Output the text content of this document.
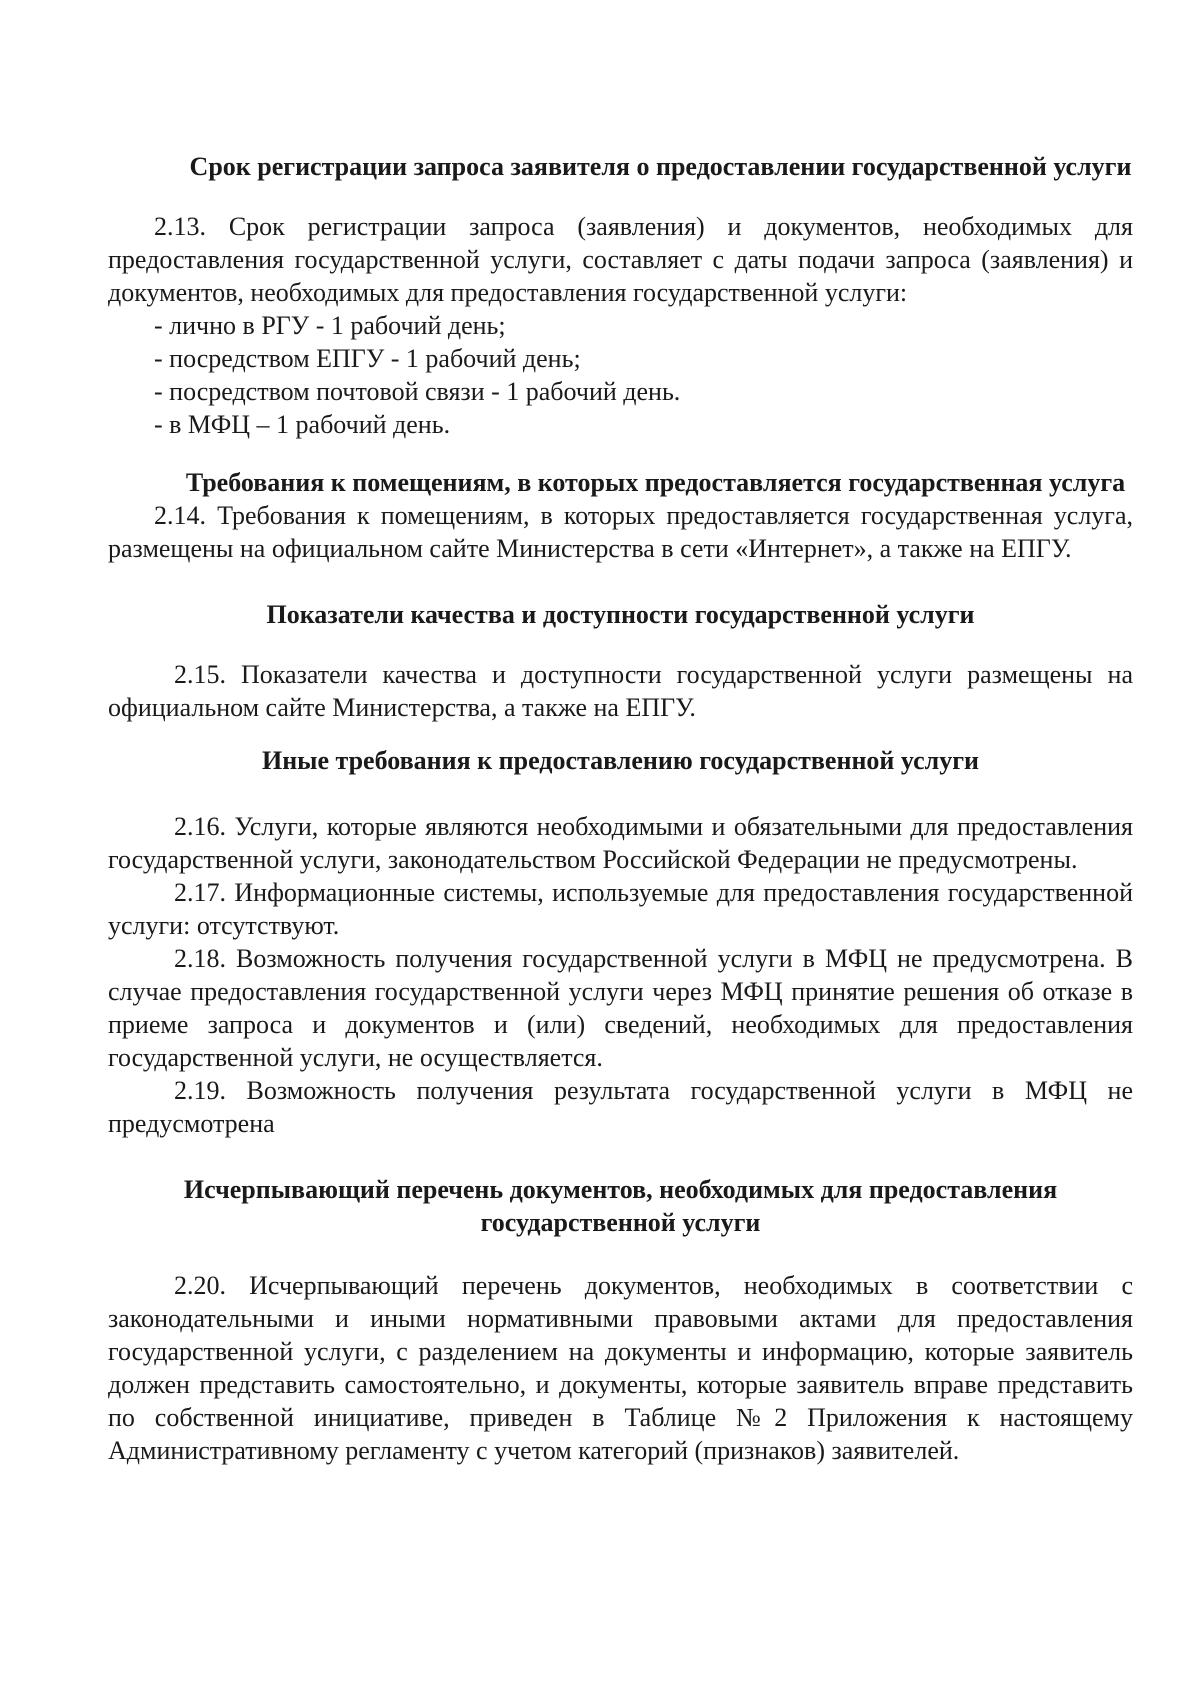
Срок регистрации запроса заявителя о предоставлении государственной услуги

2.13. Срок регистрации запроса (заявления) и документов, необходимых для предоставления государственной услуги, составляет с даты подачи запроса (заявления) и документов, необходимых для предоставления государственной услуги:

- лично в РГУ - 1 рабочий день;
- посредством ЕПГУ - 1 рабочий день;
- посредством почтовой связи - 1 рабочий день.
- в МФЦ – 1 рабочий день.

Требования к помещениям, в которых предоставляется государственная услуга

2.14. Требования к помещениям, в которых предоставляется государственная услуга, размещены на официальном сайте Министерства в сети «Интернет», а также на ЕПГУ.

Показатели качества и доступности государственной услуги

2.15. Показатели качества и доступности государственной услуги размещены на официальном сайте Министерства, а также на ЕПГУ.

Иные требования к предоставлению государственной услуги

2.16. Услуги, которые являются необходимыми и обязательными для предоставления государственной услуги, законодательством Российской Федерации не предусмотрены.

2.17. Информационные системы, используемые для предоставления государственной услуги: отсутствуют.

2.18. Возможность получения государственной услуги в МФЦ не предусмотрена. В случае предоставления государственной услуги через МФЦ принятие решения об отказе в приеме запроса и документов и (или) сведений, необходимых для предоставления государственной услуги, не осуществляется.

2.19. Возможность получения результата государственной услуги в МФЦ не предусмотрена

Исчерпывающий перечень документов, необходимых для предоставления государственной услуги

2.20. Исчерпывающий перечень документов, необходимых в соответствии с законодательными и иными нормативными правовыми актами для предоставления государственной услуги, с разделением на документы и информацию, которые заявитель должен представить самостоятельно, и документы, которые заявитель вправе представить по собственной инициативе, приведен в Таблице №2 Приложения к настоящему Административному регламенту с учетом категорий (признаков) заявителей.
